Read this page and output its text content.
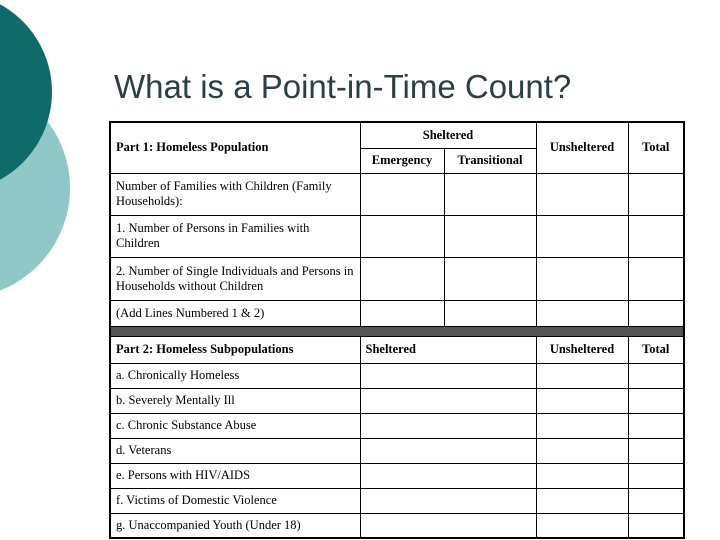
What is a Point-in-Time Count?
Part 1: Homeless Population	Sheltered		Unsheltered	Total
	Emergency	Transitional		
Number of Families with Children (Family Households):				
1. Number of Persons in Families with Children				
2. Number of Single Individuals and Persons in Households without Children				
(Add Lines Numbered 1 & 2)				

Part 2: Homeless Subpopulations	Sheltered		Unsheltered	Total
a. Chronically Homeless				
b. Severely Mentally Ill				
c. Chronic Substance Abuse				
d. Veterans				
e. Persons with HIV/AIDS				
f. Victims of Domestic Violence				
g. Unaccompanied Youth (Under 18)				
